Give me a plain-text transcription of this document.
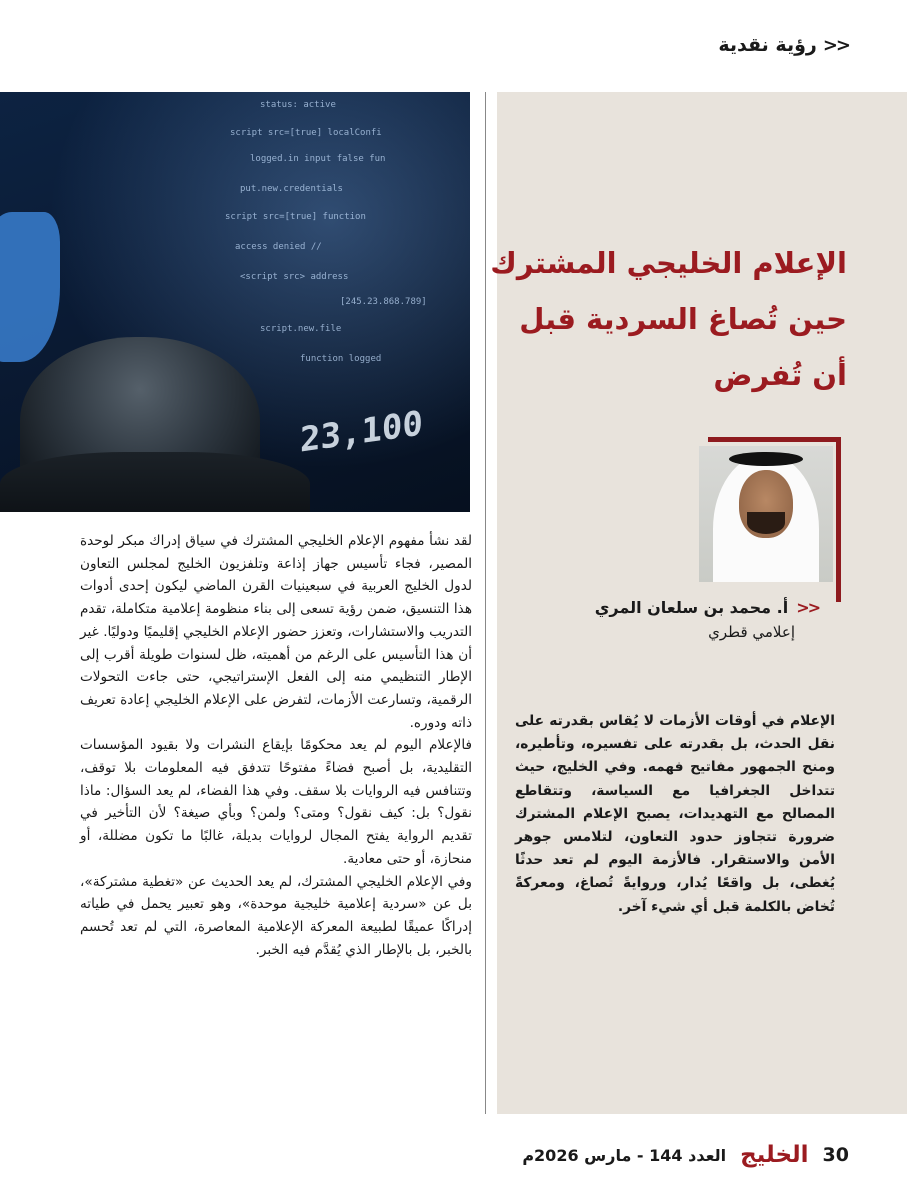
<<
رؤية نقدية
status: active
script src=[true] localConfi
logged.in input false fun
put.new.credentials
script src=[true] function
access denied //
<script src> address
[245.23.868.789]
script.new.file
function logged
23,100
الإعلام الخليجي المشترك
حين تُصاغ السردية قبل
أن تُفرض
<<
أ. محمد بن سلعان المري
إعلامي قطري
الإعلام في أوقات الأزمات لا يُقاس بقدرته على نقل الحدث، بل بقدرته على تفسيره، وتأطيره، ومنح الجمهور مفاتيح فهمه. وفي الخليج، حيث تتداخل الجغرافيا مع السياسة، وتتقاطع المصالح مع التهديدات، يصبح الإعلام المشترك ضرورة تتجاوز حدود التعاون، لتلامس جوهر الأمن والاستقرار. فالأزمة اليوم لم تعد حدثًا يُغطى، بل واقعًا يُدار، وروايةً تُصاغ، ومعركةً تُخاض بالكلمة قبل أي شيء آخر.

لقد نشأ مفهوم الإعلام الخليجي المشترك في سياق إدراك مبكر لوحدة المصير، فجاء تأسيس جهاز إذاعة وتلفزيون الخليج لمجلس التعاون لدول الخليج العربية في سبعينيات القرن الماضي ليكون إحدى أدوات هذا التنسيق، ضمن رؤية تسعى إلى بناء منظومة إعلامية متكاملة، تقدم التدريب والاستشارات، وتعزز حضور الإعلام الخليجي إقليميًا ودوليًا. غير أن هذا التأسيس على الرغم من أهميته، ظل لسنوات طويلة أقرب إلى الإطار التنظيمي منه إلى الفعل الإستراتيجي، حتى جاءت التحولات الرقمية، وتسارعت الأزمات، لتفرض على الإعلام الخليجي إعادة تعريف ذاته ودوره.

فالإعلام اليوم لم يعد محكومًا بإيقاع النشرات ولا بقيود المؤسسات التقليدية، بل أصبح فضاءً مفتوحًا تتدفق فيه المعلومات بلا توقف، وتتنافس فيه الروايات بلا سقف. وفي هذا الفضاء، لم يعد السؤال: ماذا نقول؟ بل: كيف نقول؟ ومتى؟ ولمن؟ وبأي صيغة؟ لأن التأخير في تقديم الرواية يفتح المجال لروايات بديلة، غالبًا ما تكون مضللة، أو منحازة، أو حتى معادية.

وفي الإعلام الخليجي المشترك، لم يعد الحديث عن «تغطية مشتركة»، بل عن «سردية إعلامية خليجية موحدة»، وهو تعبير يحمل في طياته إدراكًا عميقًا لطبيعة المعركة الإعلامية المعاصرة، التي لم تعد تُحسم بالخبر، بل بالإطار الذي يُقدَّم فيه الخبر.

30
الخليج
العدد 144 - مارس 2026م
